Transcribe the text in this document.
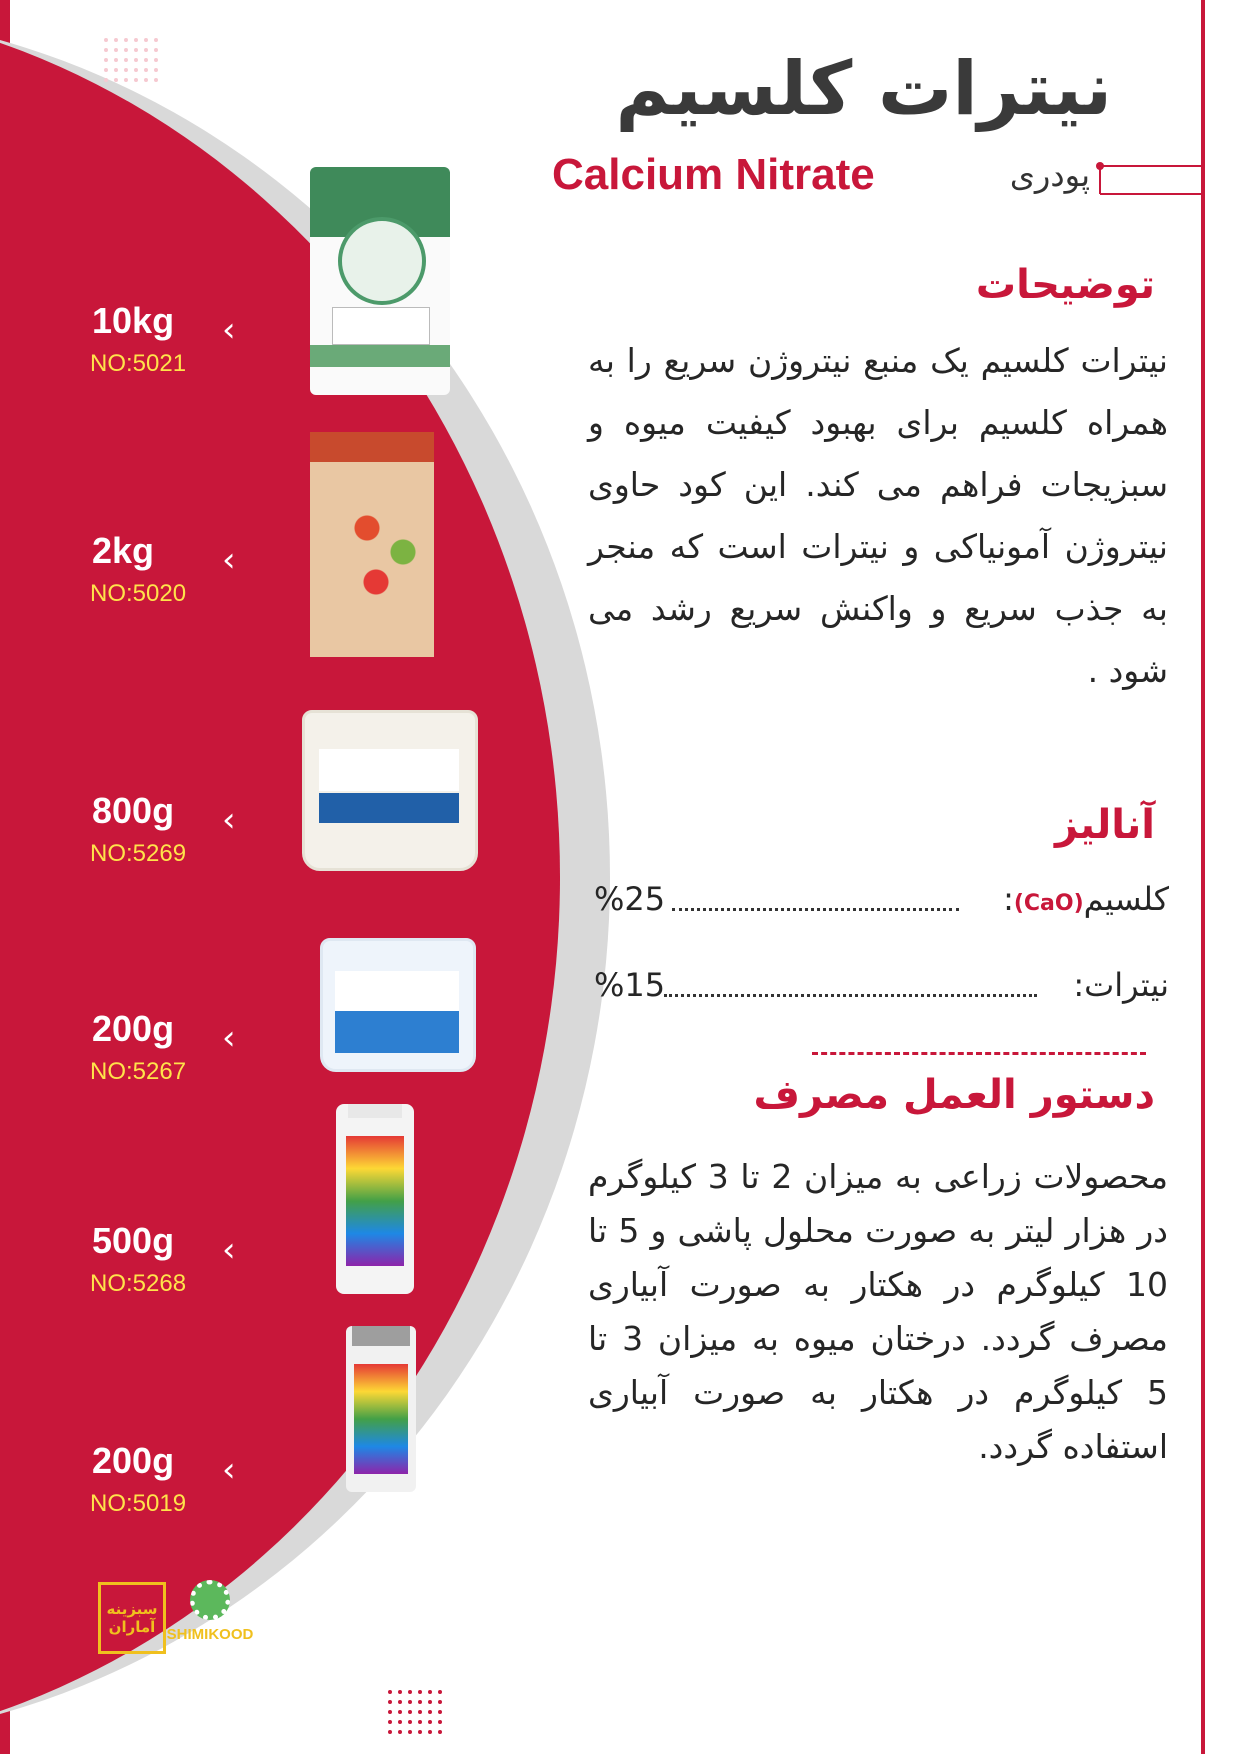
نیترات کلسیم

Calcium Nitrate	پودری

توضیحات

نیترات کلسیم یک منبع نیتروژن سریع را به همراه کلسیم برای بهبود کیفیت میوه و سبزیجات فراهم می کند. این کود حاوی نیتروژن آمونیاکی و نیترات است که منجر به جذب سریع و واکنش سریع رشد می شود .

آنالیز
کلسیم(CaO):
%25
نیترات:
%15
دستور العمل مصرف

محصولات زراعی به میزان 2 تا 3 کیلوگرم در هزار لیتر به صورت محلول پاشی و 5 تا 10 کیلوگرم در هکتار به صورت آبیاری مصرف گردد. درختان میوه به میزان 3 تا 5 کیلوگرم در هکتار به صورت آبیاری استفاده گردد.

10kg

NO:5021

‹

2kg

NO:5020

‹

800g

NO:5269

‹

200g

NO:5267

‹

500g

NO:5268

‹

200g

NO:5019

‹
سبزینه آماران SHIMIKOOD
EIQM
ISO 14001:2015
EIQM
ISO 9001:2015
EIQM
IMS
EIQM
ISO 45001:2018
